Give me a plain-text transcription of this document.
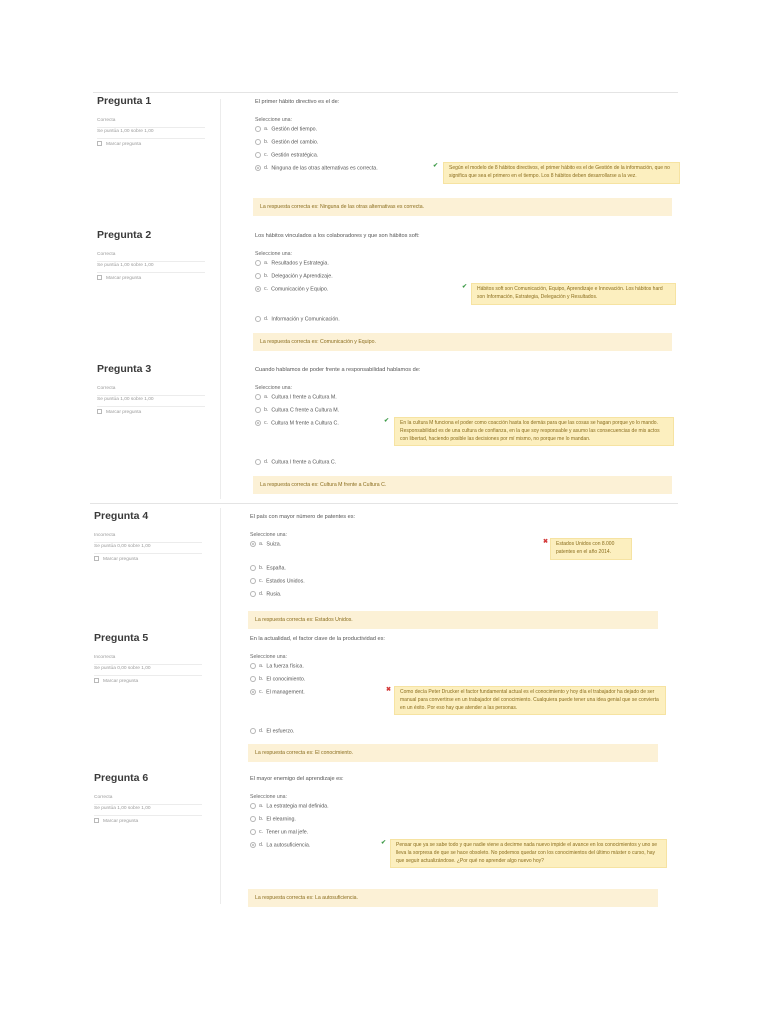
Pregunta 1
Correcta
Se puntúa 1,00 sobre 1,00
Marcar pregunta
El primer hábito directivo es el de:
Seleccione una:
a. Gestión del tiempo.
b. Gestión del cambio.
c. Gestión estratégica.
d. Ninguna de las otras alternativas es correcta.	✔	Según el modelo de 8 hábitos directivos, el primer hábito es el de Gestión de la información, que no significa que sea el primero en el tiempo. Los 8 hábitos deben desarrollarse a la vez.
La respuesta correcta es: Ninguna de las otras alternativas es correcta.
Pregunta 2
Correcta
Se puntúa 1,00 sobre 1,00
Marcar pregunta
Los hábitos vinculados a los colaboradores y que son hábitos soft:
Seleccione una:
a. Resultados y Estrategia.
b. Delegación y Aprendizaje.
c. Comunicación y Equipo.	✔	Hábitos soft son Comunicación, Equipo, Aprendizaje e Innovación. Los hábitos hard son Información, Estrategia, Delegación y Resultados.
d. Información y Comunicación.
La respuesta correcta es: Comunicación y Equipo.
Pregunta 3
Correcta
Se puntúa 1,00 sobre 1,00
Marcar pregunta
Cuando hablamos de poder frente a responsabilidad hablamos de:
Seleccione una:
a. Cultura I frente a Cultura M.
b. Cultura C frente a Cultura M.
c. Cultura M frente a Cultura C.	✔	En la cultura M funciona el poder como coacción hasta los demás para que las cosas se hagan porque yo lo mando. Responsabilidad es de una cultura de confianza, en la que soy responsable y asumo las consecuencias de mis actos con libertad, haciendo posible las decisiones por mí mismo, no porque me lo mandan.
d. Cultura I frente a Cultura C.
La respuesta correcta es: Cultura M frente a Cultura C.
Pregunta 4
Incorrecta
Se puntúa 0,00 sobre 1,00
Marcar pregunta
El país con mayor número de patentes es:
Seleccione una:
a. Suiza.	✖	Estados Unidos con 8.000 patentes en el año 2014.
b. España.
c. Estados Unidos.
d. Rusia.
La respuesta correcta es: Estados Unidos.
Pregunta 5
Incorrecta
Se puntúa 0,00 sobre 1,00
Marcar pregunta
En la actualidad, el factor clave de la productividad es:
Seleccione una:
a. La fuerza física.
b. El conocimiento.
c. El management.	✖	Como decía Peter Drucker el factor fundamental actual es el conocimiento y hoy día el trabajador ha dejado de ser manual para convertirse en un trabajador del conocimiento. Cualquiera puede tener una idea genial que se convierta en un éxito. Por eso hay que atender a las personas.
d. El esfuerzo.
La respuesta correcta es: El conocimiento.
Pregunta 6
Correcta
Se puntúa 1,00 sobre 1,00
Marcar pregunta
El mayor enemigo del aprendizaje es:
Seleccione una:
a. La estrategia mal definida.
b. El elearning.
c. Tener un mal jefe.
d. La autosuficiencia.	✔	Pensar que ya se sabe todo y que nadie viene a decirme nada nuevo impide el avance en los conocimientos y uno se lleva la sorpresa de que se hace obsoleto. No podemos quedar con los conocimientos del último máster o curso, hay que seguir actualizándose. ¿Por qué no aprender algo nuevo hoy?
La respuesta correcta es: La autosuficiencia.
